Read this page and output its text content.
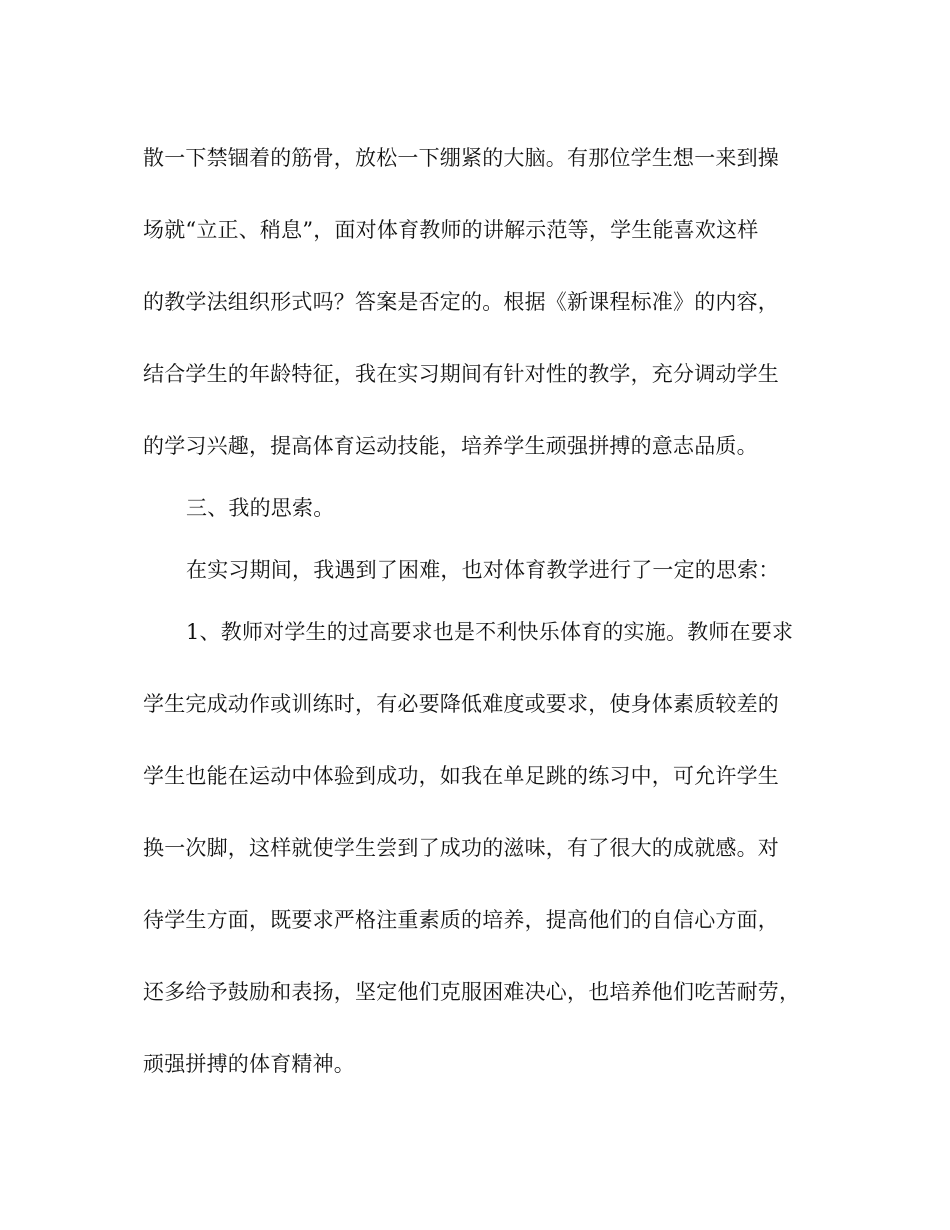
散一下禁锢着的筋骨，放松一下绷紧的大脑。有那位学生想一来到操
场就“立正、稍息”，面对体育教师的讲解示范等，学生能喜欢这样
的教学法组织形式吗？答案是否定的。根据《新课程标准》的内容，
结合学生的年龄特征，我在实习期间有针对性的教学，充分调动学生
的学习兴趣，提高体育运动技能，培养学生顽强拼搏的意志品质。
三、我的思索。
在实习期间，我遇到了困难，也对体育教学进行了一定的思索：
1、教师对学生的过高要求也是不利快乐体育的实施。教师在要求
学生完成动作或训练时，有必要降低难度或要求，使身体素质较差的
学生也能在运动中体验到成功，如我在单足跳的练习中，可允许学生
换一次脚，这样就使学生尝到了成功的滋味，有了很大的成就感。对
待学生方面，既要求严格注重素质的培养，提高他们的自信心方面，
还多给予鼓励和表扬，坚定他们克服困难决心，也培养他们吃苦耐劳，
顽强拼搏的体育精神。
